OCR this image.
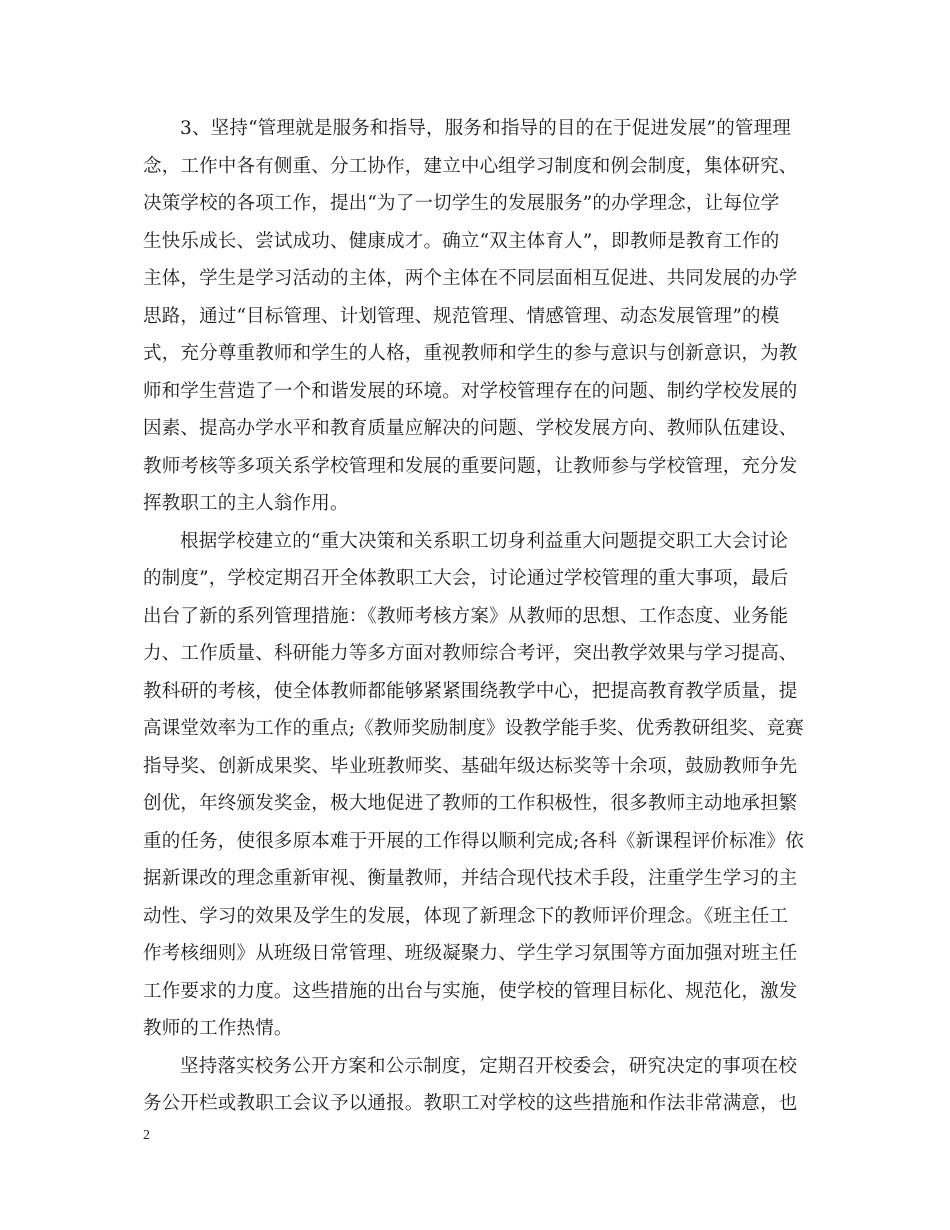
3、坚持“管理就是服务和指导，服务和指导的目的在于促进发展”的管理理
念，工作中各有侧重、分工协作，建立中心组学习制度和例会制度，集体研究、
决策学校的各项工作，提出“为了一切学生的发展服务”的办学理念，让每位学
生快乐成长、尝试成功、健康成才。确立“双主体育人”，即教师是教育工作的
主体，学生是学习活动的主体，两个主体在不同层面相互促进、共同发展的办学
思路，通过“目标管理、计划管理、规范管理、情感管理、动态发展管理”的模
式，充分尊重教师和学生的人格，重视教师和学生的参与意识与创新意识，为教
师和学生营造了一个和谐发展的环境。对学校管理存在的问题、制约学校发展的
因素、提高办学水平和教育质量应解决的问题、学校发展方向、教师队伍建设、
教师考核等多项关系学校管理和发展的重要问题，让教师参与学校管理，充分发
挥教职工的主人翁作用。
根据学校建立的“重大决策和关系职工切身利益重大问题提交职工大会讨论
的制度”，学校定期召开全体教职工大会，讨论通过学校管理的重大事项，最后
出台了新的系列管理措施：《教师考核方案》从教师的思想、工作态度、业务能
力、工作质量、科研能力等多方面对教师综合考评，突出教学效果与学习提高、
教科研的考核，使全体教师都能够紧紧围绕教学中心，把提高教育教学质量，提
高课堂效率为工作的重点;《教师奖励制度》设教学能手奖、优秀教研组奖、竞赛
指导奖、创新成果奖、毕业班教师奖、基础年级达标奖等十余项，鼓励教师争先
创优，年终颁发奖金，极大地促进了教师的工作积极性，很多教师主动地承担繁
重的任务，使很多原本难于开展的工作得以顺利完成;各科《新课程评价标准》依
据新课改的理念重新审视、衡量教师，并结合现代技术手段，注重学生学习的主
动性、学习的效果及学生的发展，体现了新理念下的教师评价理念。《班主任工
作考核细则》从班级日常管理、班级凝聚力、学生学习氛围等方面加强对班主任
工作要求的力度。这些措施的出台与实施，使学校的管理目标化、规范化，激发
教师的工作热情。
坚持落实校务公开方案和公示制度，定期召开校委会，研究决定的事项在校
务公开栏或教职工会议予以通报。教职工对学校的这些措施和作法非常满意，也
2
